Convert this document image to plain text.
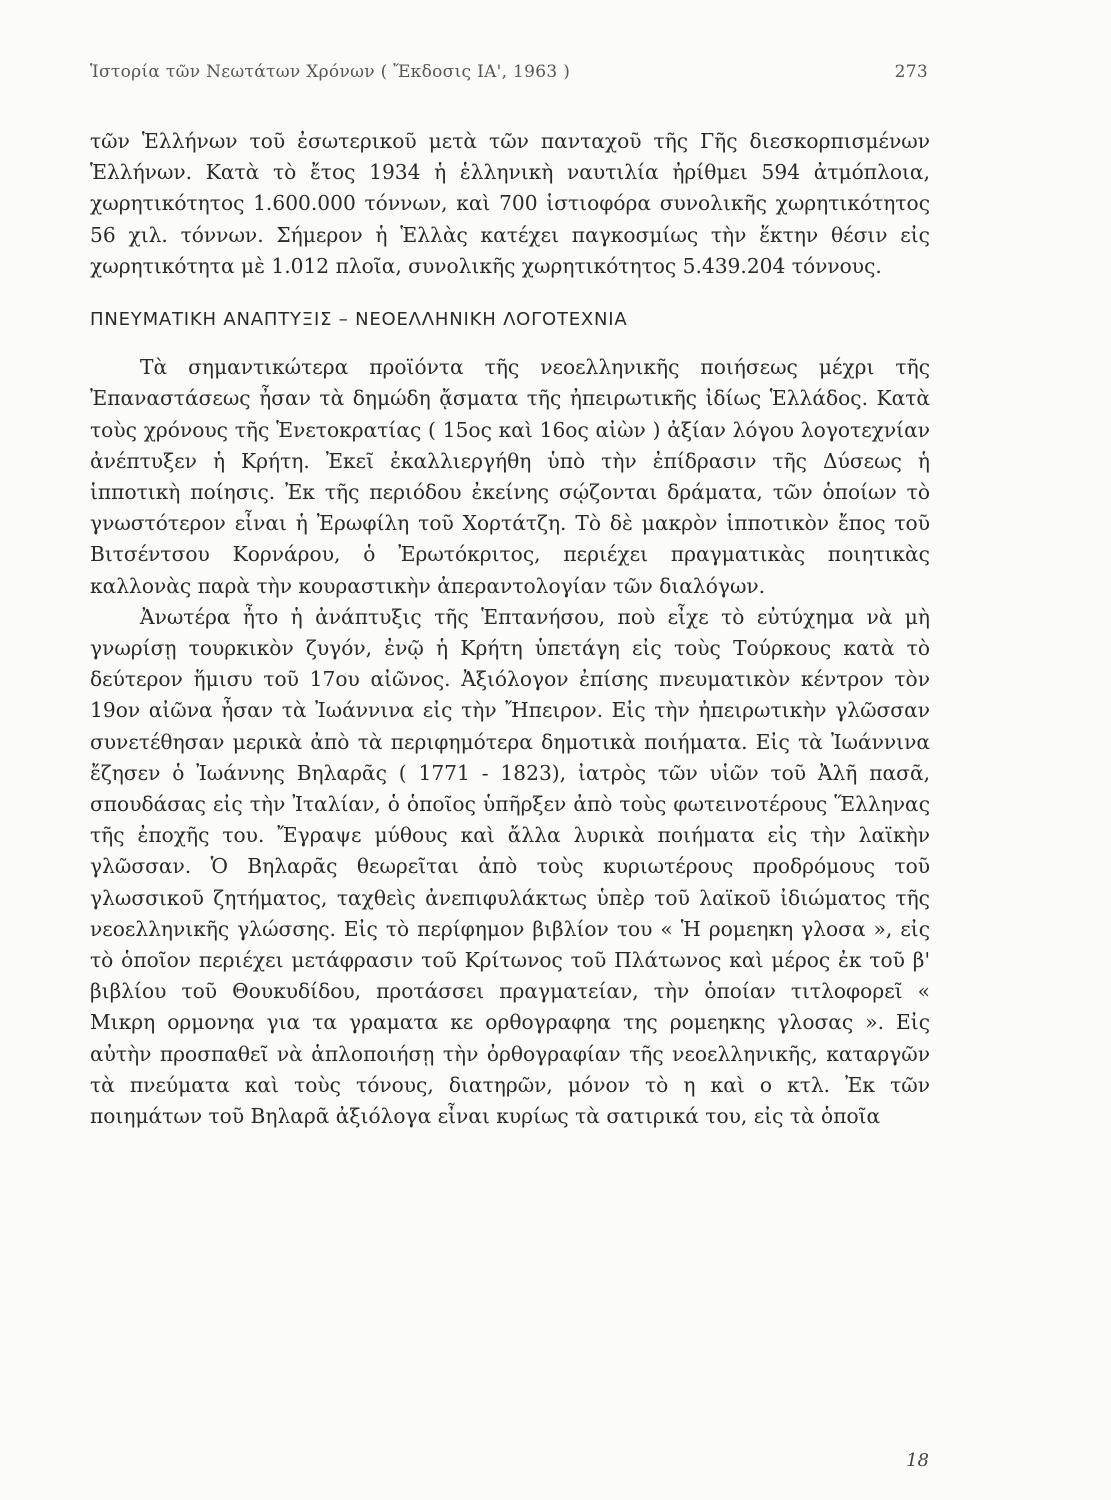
Ἱστορία τῶν Νεωτάτων Χρόνων ( Ἔκδοσις ΙΑ', 1963 )	273

τῶν Ἑλλήνων τοῦ ἐσωτερικοῦ μετὰ τῶν πανταχοῦ τῆς Γῆς διεσκορπισμένων Ἑλλήνων. Κατὰ τὸ ἔτος 1934 ἡ ἑλληνικὴ ναυτιλία ἠρίθμει 594 ἀτμόπλοια, χωρητικότητος 1.600.000 τόννων, καὶ 700 ἱστιοφόρα συνολικῆς χωρητικότητος 56 χιλ. τόννων. Σήμερον ἡ Ἑλλὰς κατέχει παγκοσμίως τὴν ἕκτην θέσιν εἰς χωρητικότητα μὲ 1.012 πλοῖα, συνολικῆς χωρητικότητος 5.439.204 τόννους.

ΠΝΕΥΜΑΤΙΚΗ ΑΝΑΠΤΥΞΙΣ – ΝΕΟΕΛΛΗΝΙΚΗ ΛΟΓΟΤΕΧΝΙΑ

Τὰ σημαντικώτερα προϊόντα τῆς νεοελληνικῆς ποιήσεως μέχρι τῆς Ἐπαναστάσεως ἦσαν τὰ δημώδη ᾄσματα τῆς ἠπειρωτικῆς ἰδίως Ἑλλάδος. Κατὰ τοὺς χρόνους τῆς Ἑνετοκρατίας ( 15ος καὶ 16ος αἰὼν ) ἀξίαν λόγου λογοτεχνίαν ἀνέπτυξεν ἡ Κρήτη. Ἐκεῖ ἐκαλλιεργήθη ὑπὸ τὴν ἐπίδρασιν τῆς Δύσεως ἡ ἱπποτικὴ ποίησις. Ἐκ τῆς περιόδου ἐκείνης σῴζονται δράματα, τῶν ὁποίων τὸ γνωστότερον εἶναι ἡ Ἐρωφίλη τοῦ Χορτάτζη. Τὸ δὲ μακρὸν ἱπποτικὸν ἔπος τοῦ Βιτσέντσου Κορνάρου, ὁ Ἐρωτόκριτος, περιέχει πραγματικὰς ποιητικὰς καλλονὰς παρὰ τὴν κουραστικὴν ἀπεραντολογίαν τῶν διαλόγων.

Ἀνωτέρα ἦτο ἡ ἀνάπτυξις τῆς Ἑπτανήσου, ποὺ εἶχε τὸ εὐτύχημα νὰ μὴ γνωρίσῃ τουρκικὸν ζυγόν, ἐνῷ ἡ Κρήτη ὑπετάγη εἰς τοὺς Τούρκους κατὰ τὸ δεύτερον ἥμισυ τοῦ 17ου αἰῶνος. Ἀξιόλογον ἐπίσης πνευματικὸν κέντρον τὸν 19ον αἰῶνα ἦσαν τὰ Ἰωάννινα εἰς τὴν Ἤπειρον. Εἰς τὴν ἠπειρωτικὴν γλῶσσαν συνετέθησαν μερικὰ ἀπὸ τὰ περιφημότερα δημοτικὰ ποιήματα. Εἰς τὰ Ἰωάννινα ἔζησεν ὁ Ἰωάννης Βηλαρᾶς ( 1771 - 1823), ἰατρὸς τῶν υἱῶν τοῦ Ἀλῆ πασᾶ, σπουδάσας εἰς τὴν Ἰταλίαν, ὁ ὁποῖος ὑπῆρξεν ἀπὸ τοὺς φωτεινοτέρους Ἕλληνας τῆς ἐποχῆς του. Ἔγραψε μύθους καὶ ἄλλα λυρικὰ ποιήματα εἰς τὴν λαϊκὴν γλῶσσαν. Ὁ Βηλαρᾶς θεωρεῖται ἀπὸ τοὺς κυριωτέρους προδρόμους τοῦ γλωσσικοῦ ζητήματος, ταχθεὶς ἀνεπιφυλάκτως ὑπὲρ τοῦ λαϊκοῦ ἰδιώματος τῆς νεοελληνικῆς γλώσσης. Εἰς τὸ περίφημον βιβλίον του « Ἡ ρομεηκη γλοσα », εἰς τὸ ὁποῖον περιέχει μετάφρασιν τοῦ Κρίτωνος τοῦ Πλάτωνος καὶ μέρος ἐκ τοῦ β' βιβλίου τοῦ Θουκυδίδου, προτάσσει πραγματείαν, τὴν ὁποίαν τιτλοφορεῖ « Μικρη ορμονηα για τα γραματα κε ορθογραφηα της ρομεηκης γλοσας ». Εἰς αὐτὴν προσπαθεῖ νὰ ἁπλοποιήσῃ τὴν ὀρθογραφίαν τῆς νεοελληνικῆς, καταργῶν τὰ πνεύματα καὶ τοὺς τόνους, διατηρῶν, μόνον τὸ η καὶ ο κτλ. Ἐκ τῶν ποιημάτων τοῦ Βηλαρᾶ ἀξιόλογα εἶναι κυρίως τὰ σατιρικά του, εἰς τὰ ὁποῖα

18
